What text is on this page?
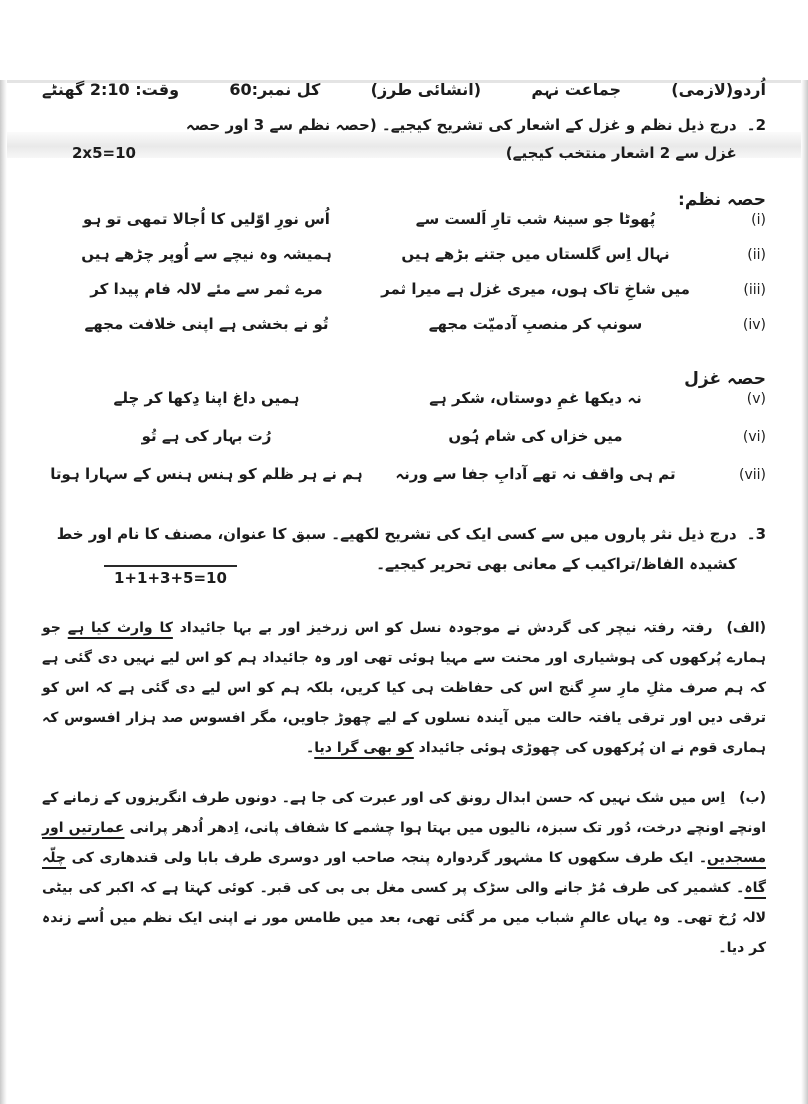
اُردو(لازمی)
جماعت نہم
(انشائی طرز)
کل نمبر:60
وقت: 2:10 گھنٹے
2۔
درج ذیل نظم و غزل کے اشعار کی تشریح کیجیے۔ (حصہ نظم سے 3 اور حصہ غزل سے 2 اشعار منتخب کیجیے)
2x5=10
حصہ نظم:
(i)
پُھوٹا جو سینۂ شب تارِ اَلست سے
اُس نورِ اوّلیں کا اُجالا تمھی تو ہو
(ii)
نہال اِس گلستاں میں جتنے بڑھے ہیں
ہمیشہ وہ نیچے سے اُوپر چڑھے ہیں
(iii)
میں شاخِ تاک ہوں، میری غزل ہے میرا ثمر
مرے ثمر سے مئے لالہ فام پیدا کر
(iv)
سونپ کر منصبِ آدمیّت مجھے
تُو نے بخشی ہے اپنی خلافت مجھے
حصہ غزل
(v)
نہ دیکھا غمِ دوستاں، شکر ہے
ہمیں داغ اپنا دِکھا کر چلے
(vi)
میں خزاں کی شام ہُوں
رُت بہار کی ہے تُو
(vii)
تم ہی واقف نہ تھے آدابِ جفا سے ورنہ
ہم نے ہر ظلم کو ہنس ہنس کے سہارا ہوتا
3۔
درج ذیل نثر پاروں میں سے کسی ایک کی تشریح لکھیے۔ سبق کا عنوان، مصنف کا نام اور خط کشیدہ الفاظ/تراکیب کے معانی بھی تحریر کیجیے۔
1+1+3+5=10

(الف)رفتہ رفتہ نیچر کی گردش نے موجودہ نسل کو اس زرخیز اور بے بہا جائیداد کا وارث کیا ہے جو ہمارے پُرکھوں کی ہوشیاری اور محنت سے مہیا ہوئی تھی اور وہ جائیداد ہم کو اس لیے نہیں دی گئی ہے کہ ہم صرف مثلِ مارِ سرِ گنج اس کی حفاظت ہی کیا کریں، بلکہ ہم کو اس لیے دی گئی ہے کہ اس کو ترقی دیں اور ترقی یافتہ حالت میں آیندہ نسلوں کے لیے چھوڑ جاویں، مگر افسوس صد ہزار افسوس کہ ہماری قوم نے ان پُرکھوں کی چھوڑی ہوئی جائیداد کو بھی گرا دیا۔

(ب)اِس میں شک نہیں کہ حسن ابدال رونق کی اور عبرت کی جا ہے۔ دونوں طرف انگریزوں کے زمانے کے اونچے اونچے درخت، دُور تک سبزہ، نالیوں میں بہتا ہوا چشمے کا شفاف پانی، اِدھر اُدھر پرانی عمارتیں اور مسجدیں۔ ایک طرف سکھوں کا مشہور گردوارہ پنجہ صاحب اور دوسری طرف بابا ولی قندھاری کی چلّہ گاہ۔ کشمیر کی طرف مُڑ جانے والی سڑک پر کسی مغل بی بی کی قبر۔ کوئی کہتا ہے کہ اکبر کی بیٹی لالہ رُخ تھی۔ وہ یہاں عالمِ شباب میں مر گئی تھی، بعد میں طامس مور نے اپنی ایک نظم میں اُسے زندہ کر دیا۔
